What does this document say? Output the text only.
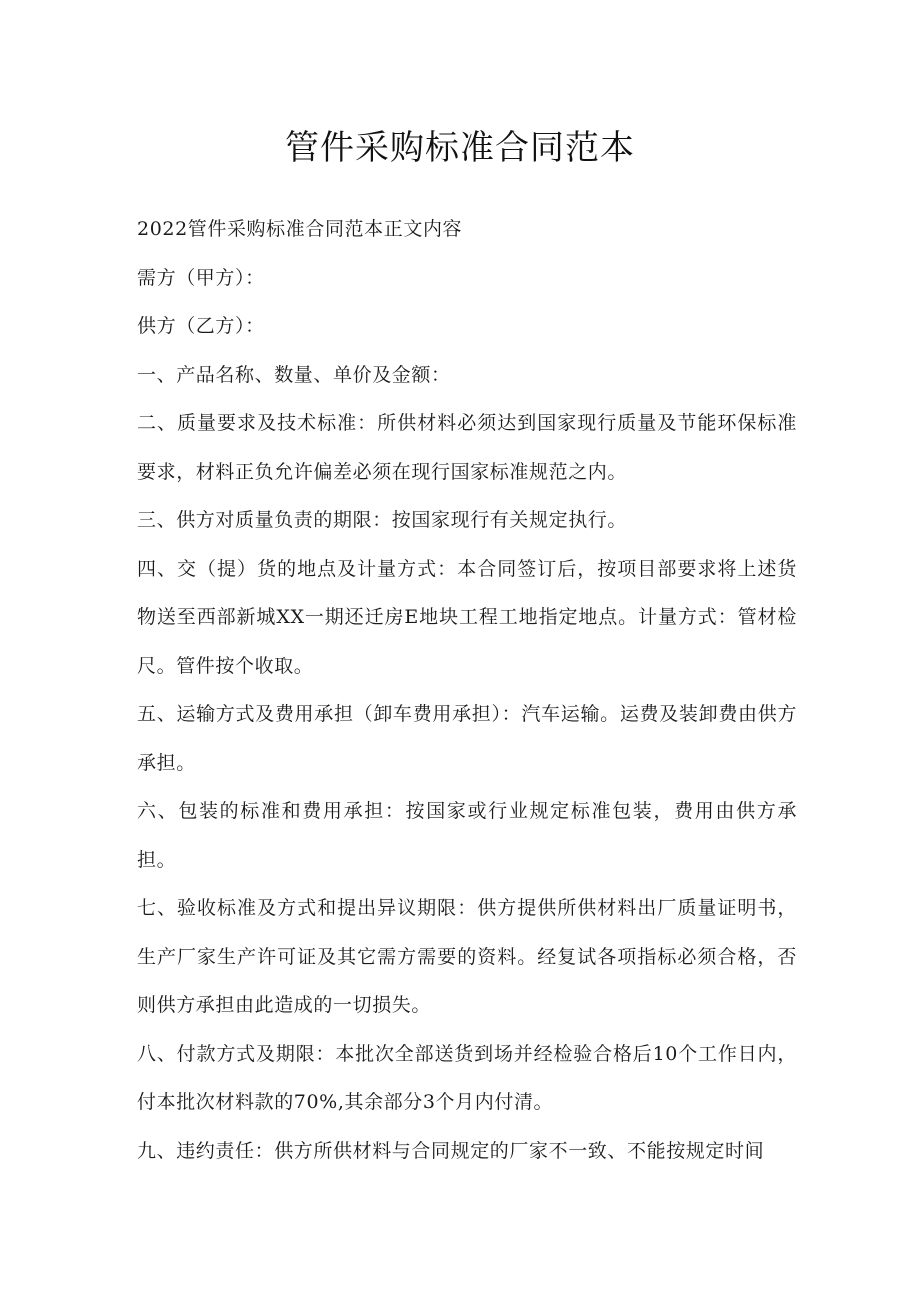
管件采购标准合同范本

2022管件采购标准合同范本正文内容

需方（甲方）：

供方（乙方）：

一、产品名称、数量、单价及金额：

二、质量要求及技术标准：所供材料必须达到国家现行质量及节能环保标准要求，材料正负允许偏差必须在现行国家标准规范之内。

三、供方对质量负责的期限：按国家现行有关规定执行。

四、交（提）货的地点及计量方式：本合同签订后，按项目部要求将上述货物送至西部新城XX一期还迁房E地块工程工地指定地点。计量方式：管材检尺。管件按个收取。

五、运输方式及费用承担（卸车费用承担）：汽车运输。运费及装卸费由供方承担。

六、包装的标准和费用承担：按国家或行业规定标准包装，费用由供方承担。

七、验收标准及方式和提出异议期限：供方提供所供材料出厂质量证明书，生产厂家生产许可证及其它需方需要的资料。经复试各项指标必须合格，否则供方承担由此造成的一切损失。

八、付款方式及期限：本批次全部送货到场并经检验合格后10个工作日内，付本批次材料款的70%,其余部分3个月内付清。

九、违约责任：供方所供材料与合同规定的厂家不一致、不能按规定时间
